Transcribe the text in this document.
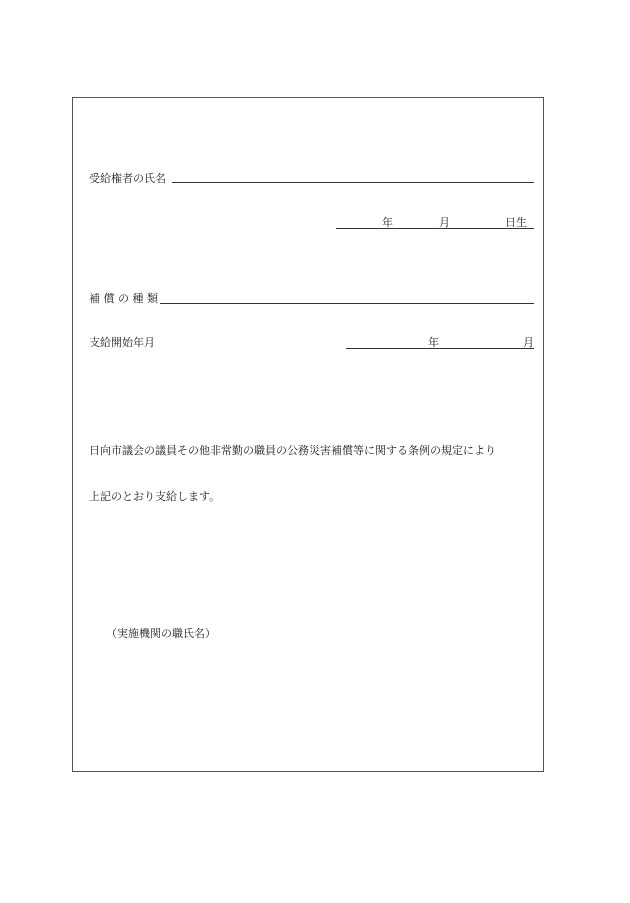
受給権者の氏名
年	月	日生
補 償 の 種 類
支給開始年月	年	月
日向市議会の議員その他非常勤の職員の公務災害補償等に関する条例の規定により
上記のとおり支給します。
（実施機関の職氏名）
